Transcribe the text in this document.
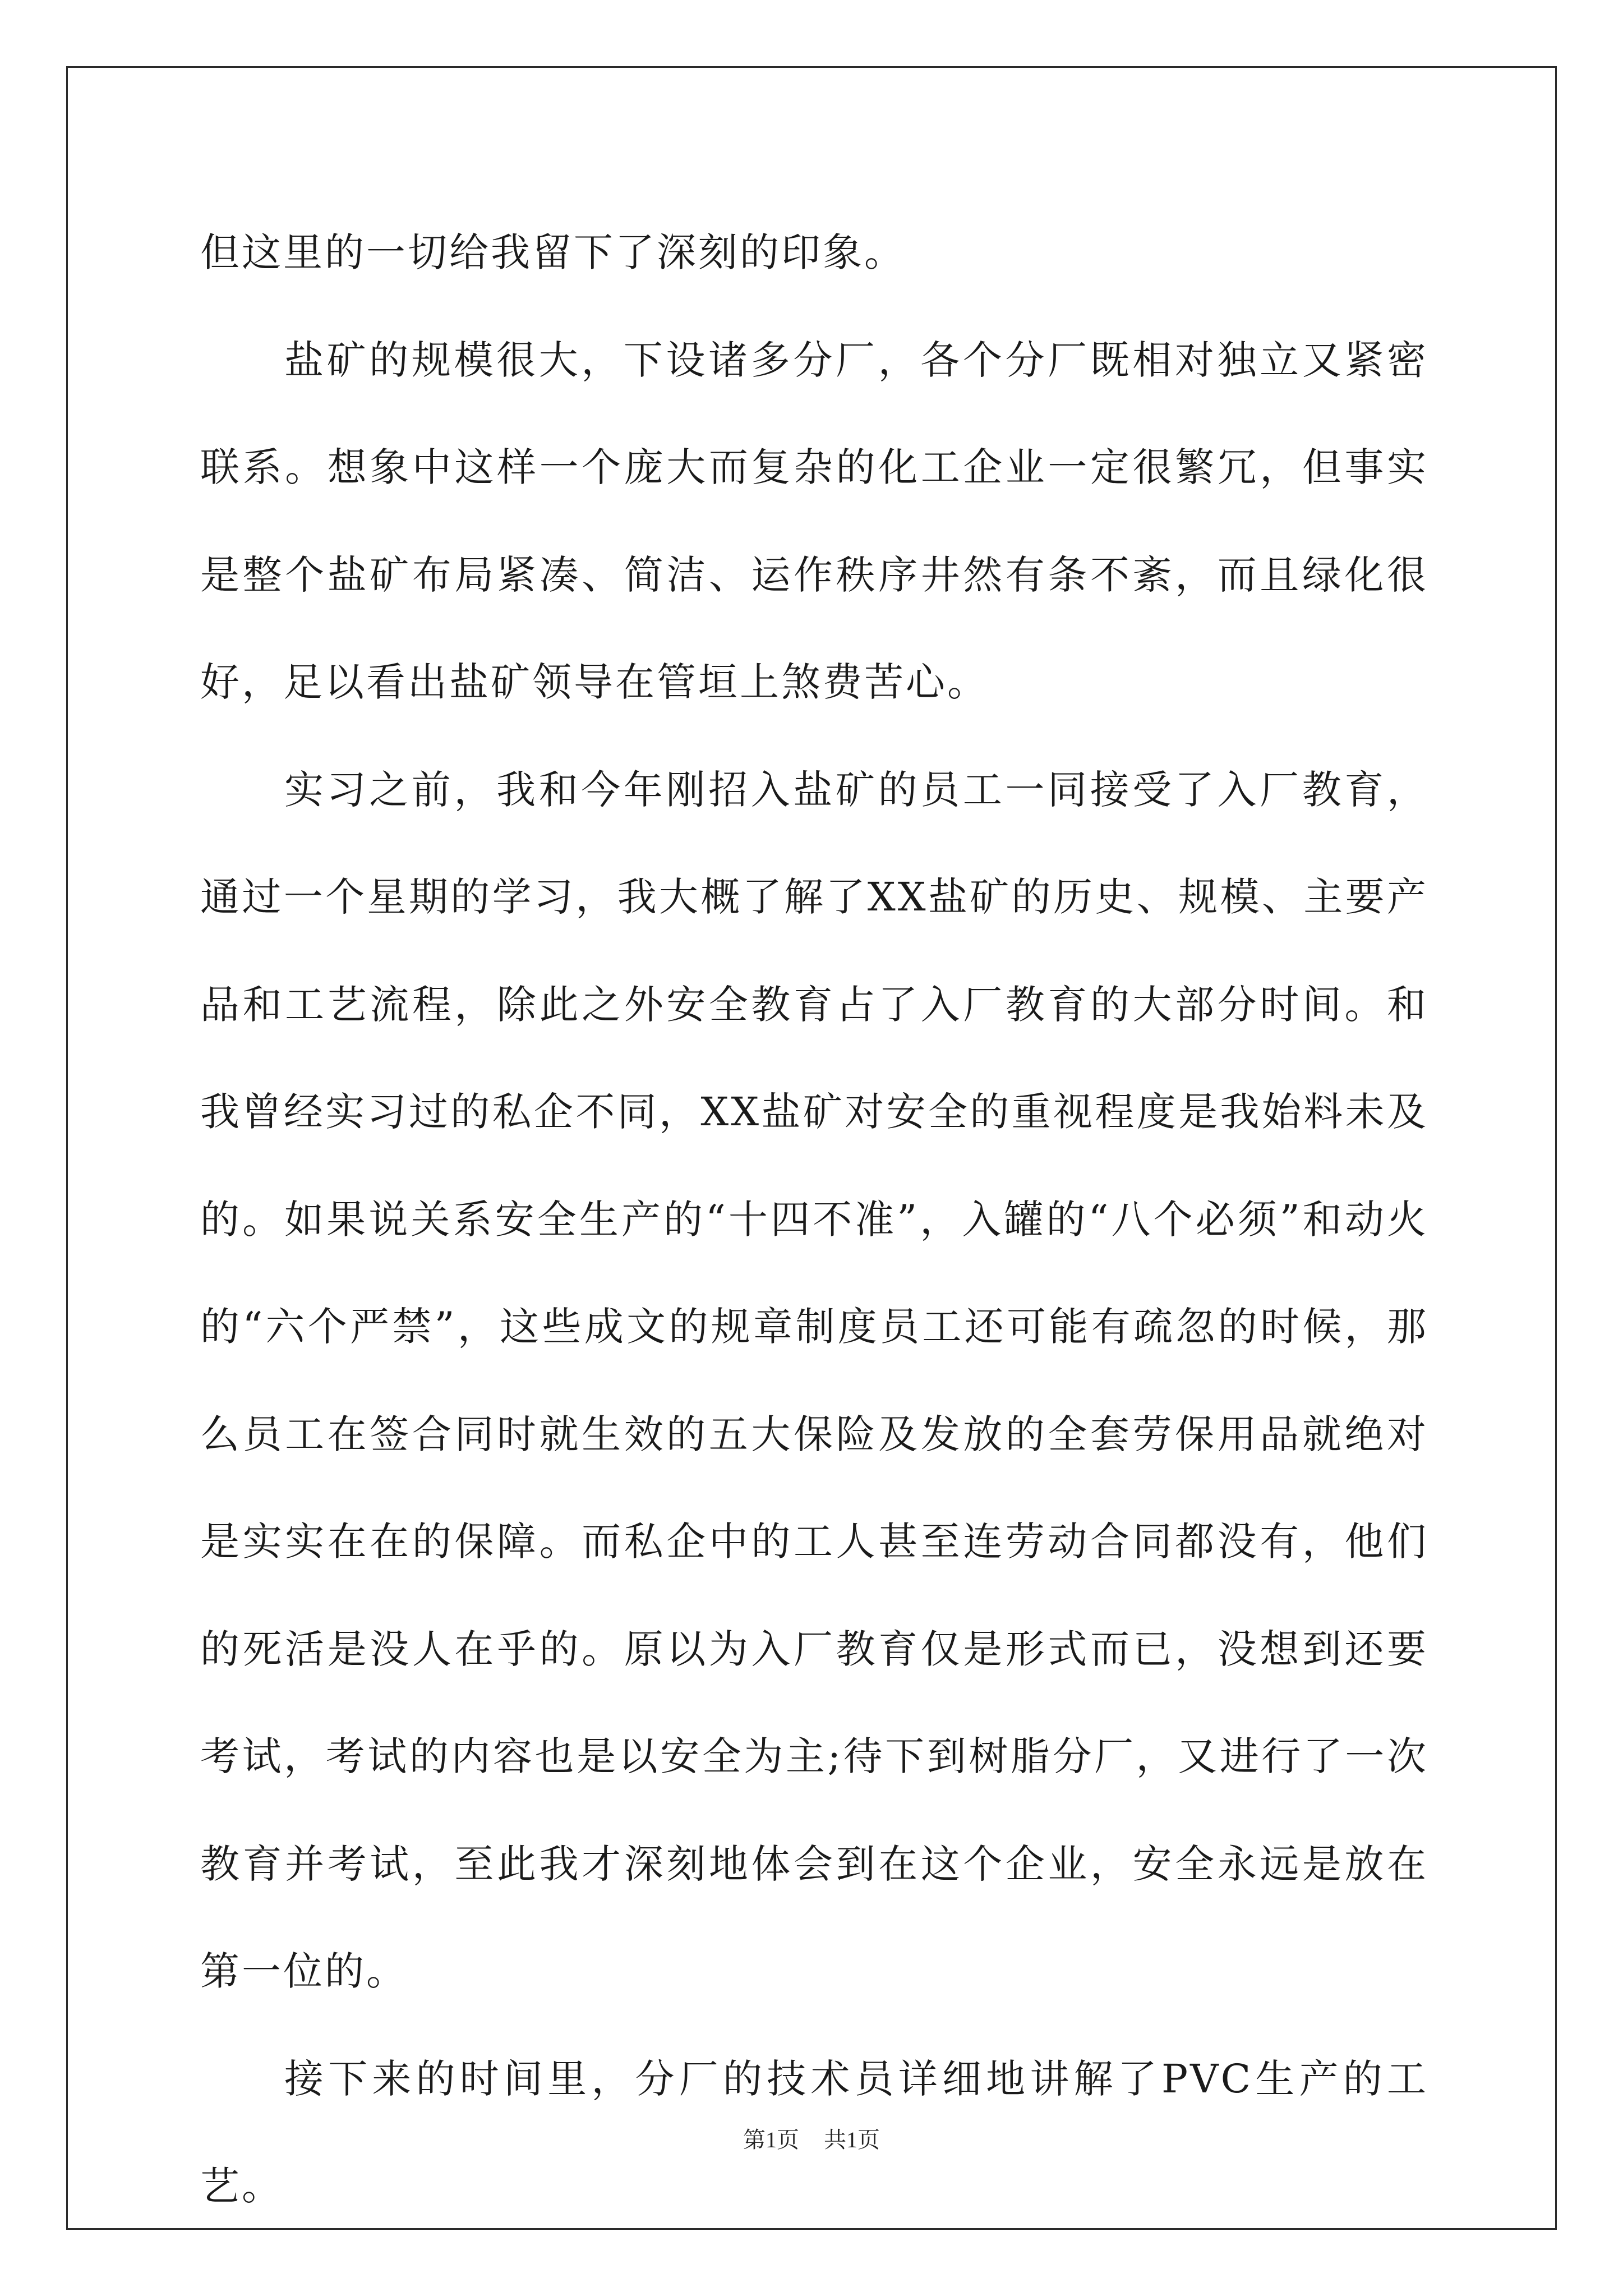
但这里的一切给我留下了深刻的印象。

盐矿的规模很大，下设诸多分厂，各个分厂既相对独立又紧密联系。想象中这样一个庞大而复杂的化工企业一定很繁冗，但事实是整个盐矿布局紧凑、简洁、运作秩序井然有条不紊，而且绿化很好，足以看出盐矿领导在管垣上煞费苦心。

实习之前，我和今年刚招入盐矿的员工一同接受了入厂教育，通过一个星期的学习，我大概了解了XX盐矿的历史、规模、主要产品和工艺流程，除此之外安全教育占了入厂教育的大部分时间。和我曾经实习过的私企不同，XX盐矿对安全的重视程度是我始料未及的。如果说关系安全生产的“十四不准”，入罐的“八个必须”和动火的“六个严禁”，这些成文的规章制度员工还可能有疏忽的时候，那么员工在签合同时就生效的五大保险及发放的全套劳保用品就绝对是实实在在的保障。而私企中的工人甚至连劳动合同都没有，他们的死活是没人在乎的。原以为入厂教育仅是形式而已，没想到还要考试，考试的内容也是以安全为主;待下到树脂分厂，又进行了一次教育并考试，至此我才深刻地体会到在这个企业，安全永远是放在第一位的。

接下来的时间里，分厂的技术员详细地讲解了PVC生产的工艺。

第1页 共1页
